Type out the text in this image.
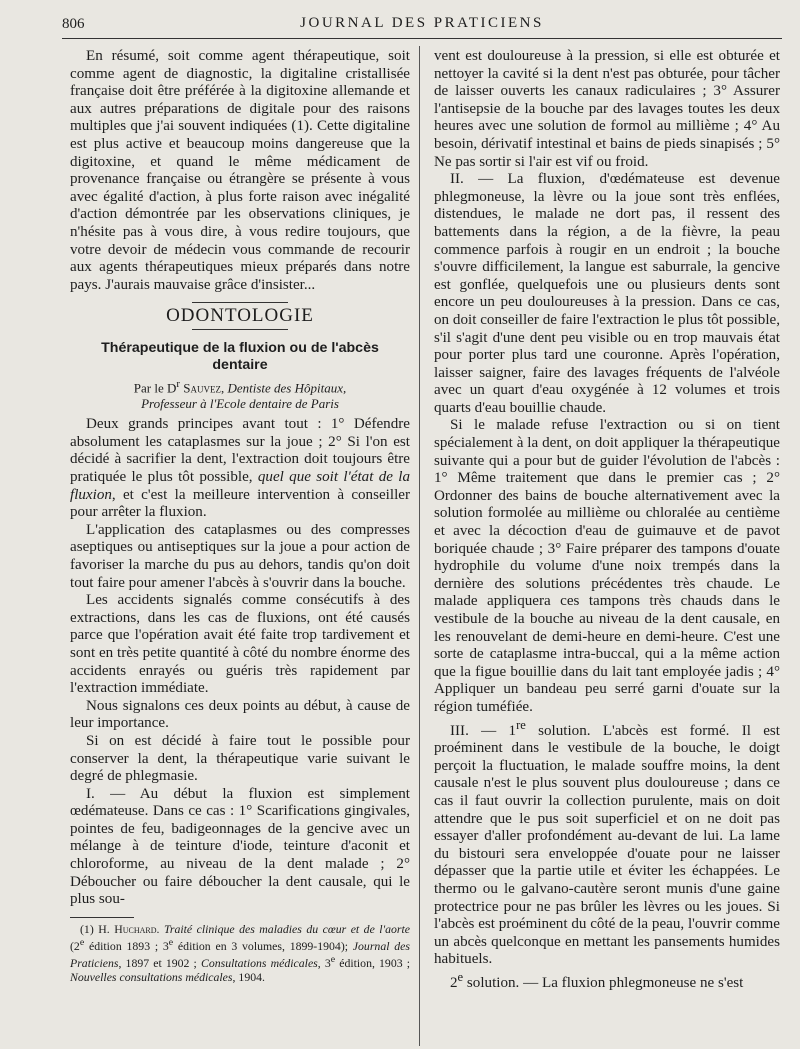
806	JOURNAL DES PRATICIENS

En résumé, soit comme agent thérapeutique, soit comme agent de diagnostic, la digitaline cristallisée française doit être préférée à la digitoxine allemande et aux autres préparations de digitale pour des raisons multiples que j'ai souvent indiquées (1). Cette digitaline est plus active et beaucoup moins dangereuse que la digitoxine, et quand le même médicament de provenance française ou étrangère se présente à vous avec égalité d'action, à plus forte raison avec inégalité d'action démontrée par les observations cliniques, je n'hésite pas à vous dire, à vous redire toujours, que votre devoir de médecin vous commande de recourir aux agents thérapeutiques mieux préparés dans notre pays. J'aurais mauvaise grâce d'insister...

ODONTOLOGIE
Thérapeutique de la fluxion ou de l'abcès dentaire
Par le $D^r$ Sauvez, Dentiste des Hôpitaux,
Professeur à l'Ecole dentaire de Paris

Deux grands principes avant tout : 1° Défendre absolument les cataplasmes sur la joue ; 2° Si l'on est décidé à sacrifier la dent, l'extraction doit toujours être pratiquée le plus tôt possible, quel que soit l'état de la fluxion, et c'est la meilleure intervention à conseiller pour arrêter la fluxion.

L'application des cataplasmes ou des compresses aseptiques ou antiseptiques sur la joue a pour action de favoriser la marche du pus au dehors, tandis qu'on doit tout faire pour amener l'abcès à s'ouvrir dans la bouche.

Les accidents signalés comme consécutifs à des extractions, dans les cas de fluxions, ont été causés parce que l'opération avait été faite trop tardivement et sont en très petite quantité à côté du nombre énorme des accidents enrayés ou guéris très rapidement par l'extraction immédiate.

Nous signalons ces deux points au début, à cause de leur importance.

Si on est décidé à faire tout le possible pour conserver la dent, la thérapeutique varie suivant le degré de phlegmasie.

I. — Au début la fluxion est simplement œdémateuse. Dans ce cas : 1° Scarifications gingivales, pointes de feu, badigeonnages de la gencive avec un mélange à de teinture d'iode, teinture d'aconit et chloroforme, au niveau de la dent malade ; 2° Déboucher ou faire déboucher la dent causale, qui le plus sou-

(1) H. Huchard. Traité clinique des maladies du cœur et de l'aorte (2e édition 1893 ; 3e édition en 3 volumes, 1899-1904); Journal des Praticiens, 1897 et 1902 ; Consultations médicales, 3e édition, 1903 ; Nouvelles consultations médicales, 1904.

vent est douloureuse à la pression, si elle est obturée et nettoyer la cavité si la dent n'est pas obturée, pour tâcher de laisser ouverts les canaux radiculaires ; 3° Assurer l'antisepsie de la bouche par des lavages toutes les deux heures avec une solution de formol au millième ; 4° Au besoin, dérivatif intestinal et bains de pieds sinapisés ; 5° Ne pas sortir si l'air est vif ou froid.

II. — La fluxion, d'œdémateuse est devenue phlegmoneuse, la lèvre ou la joue sont très enflées, distendues, le malade ne dort pas, il ressent des battements dans la région, a de la fièvre, la peau commence parfois à rougir en un endroit ; la bouche s'ouvre difficilement, la langue est saburrale, la gencive est gonflée, quelquefois une ou plusieurs dents sont encore un peu douloureuses à la pression. Dans ce cas, on doit conseiller de faire l'extraction le plus tôt possible, s'il s'agit d'une dent peu visible ou en trop mauvais état pour porter plus tard une couronne. Après l'opération, laisser saigner, faire des lavages fréquents de l'alvéole avec un quart d'eau oxygénée à 12 volumes et trois quarts d'eau bouillie chaude.

Si le malade refuse l'extraction ou si on tient spécialement à la dent, on doit appliquer la thérapeutique suivante qui a pour but de guider l'évolution de l'abcès : 1° Même traitement que dans le premier cas ; 2° Ordonner des bains de bouche alternativement avec la solution formolée au millième ou chloralée au centième et avec la décoction d'eau de guimauve et de pavot boriquée chaude ; 3° Faire préparer des tampons d'ouate hydrophile du volume d'une noix trempés dans la dernière des solutions précédentes très chaude. Le malade appliquera ces tampons très chauds dans le vestibule de la bouche au niveau de la dent causale, en les renouvelant de demi-heure en demi-heure. C'est une sorte de cataplasme intra-buccal, qui a la même action que la figue bouillie dans du lait tant employée jadis ; 4° Appliquer un bandeau peu serré garni d'ouate sur la région tuméfiée.

III. — 1re solution. L'abcès est formé. Il est proéminent dans le vestibule de la bouche, le doigt perçoit la fluctuation, le malade souffre moins, la dent causale n'est le plus souvent plus douloureuse ; dans ce cas il faut ouvrir la collection purulente, mais on doit attendre que le pus soit superficiel et on ne doit pas essayer d'aller profondément au-devant de lui. La lame du bistouri sera enveloppée d'ouate pour ne laisser dépasser que la partie utile et éviter les échappées. Le thermo ou le galvano-cautère seront munis d'une gaine protectrice pour ne pas brûler les lèvres ou les joues. Si l'abcès est proéminent du côté de la peau, l'ouvrir comme un abcès quelconque en mettant les pansements humides habituels.

2e solution. — La fluxion phlegmoneuse ne s'est
